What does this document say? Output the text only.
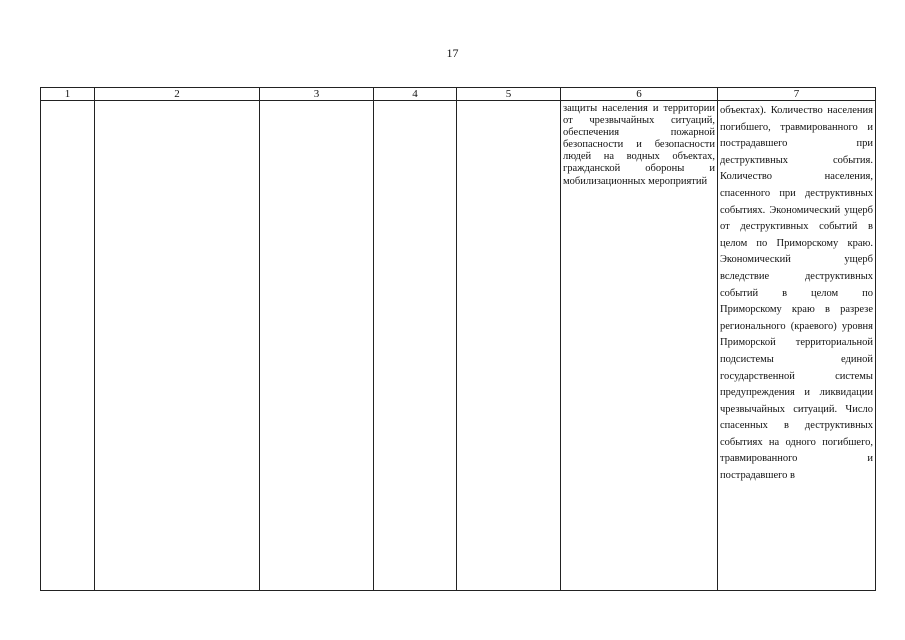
17
1	2	3	4	5	6	7

					защиты населения и территории от чрезвычайных ситуаций, обеспечения пожарной безопасности и безопасности людей на водных объектах, гражданской обороны и мобилизационных мероприятий	объектах). Количество населения погибшего, травмированного и пострадавшего при деструктивных события. Количество населения, спасенного при деструктивных событиях. Экономический ущерб от деструктивных событий в целом по Приморскому краю. Экономический ущерб вследствие деструктивных событий в целом по Приморскому краю в разрезе регионального (краевого) уровня Приморской территориальной подсистемы единой государственной системы предупреждения и ликвидации чрезвычайных ситуаций. Число спасенных в деструктивных событиях на одного погибшего, травмированного и пострадавшего в
